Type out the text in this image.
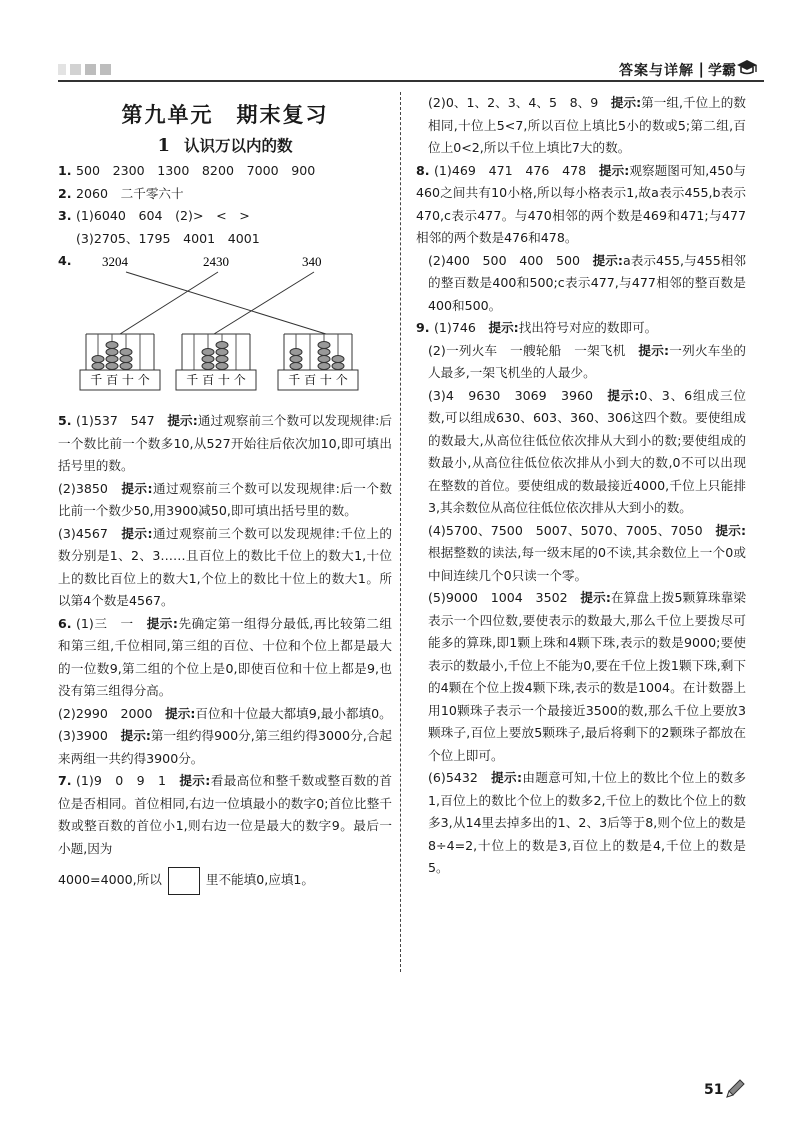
答案与详解 | 学霸
第九单元　期末复习
1 认识万以内的数
1. 500　2300　1300　8200　7000　900
2. 2060　二千零六十
3. (1)6040　604　(2)>　<　>
(3)2705、1795　4001　4001
4.	3204	2430	340
千 百 十 个	千 百 十 个	千 百 十 个
5. (1)537　547　提示:通过观察前三个数可以发现规律:后一个数比前一个数多10,从527开始往后依次加10,即可填出括号里的数。
(2)3850　提示:通过观察前三个数可以发现规律:后一个数比前一个数少50,用3900减50,即可填出括号里的数。
(3)4567　提示:通过观察前三个数可以发现规律:千位上的数分别是1、2、3……且百位上的数比千位上的数大1,十位上的数比百位上的数大1,个位上的数比十位上的数大1。所以第4个数是4567。
6. (1)三　一　提示:先确定第一组得分最低,再比较第二组和第三组,千位相同,第三组的百位、十位和个位上都是最大的一位数9,第二组的个位上是0,即使百位和十位上都是9,也没有第三组得分高。
(2)2990　2000　提示:百位和十位最大都填9,最小都填0。
(3)3900　提示:第一组约得900分,第三组约得3000分,合起来两组一共约得3900分。
7. (1)9　0　9　1　提示:看最高位和整千数或整百数的首位是否相同。首位相同,右边一位填最小的数字0;首位比整千数或整百数的首位小1,则右边一位是最大的数字9。最后一小题,因为
4000=4000,所以	里不能填0,应填1。
(2)0、1、2、3、4、5　8、9　提示:第一组,千位上的数相同,十位上5<7,所以百位上填比5小的数或5;第二组,百位上0<2,所以千位上填比7大的数。
8. (1)469　471　476　478　提示:观察题图可知,450与460之间共有10小格,所以每小格表示1,故a表示455,b表示470,c表示477。与470相邻的两个数是469和471;与477相邻的两个数是476和478。
(2)400　500　400　500　提示:a表示455,与455相邻的整百数是400和500;c表示477,与477相邻的整百数是400和500。
9. (1)746　提示:找出符号对应的数即可。
(2)一列火车　一艘轮船　一架飞机　提示:一列火车坐的人最多,一架飞机坐的人最少。
(3)4　9630　3069　3960　提示:0、3、6组成三位数,可以组成630、603、360、306这四个数。要使组成的数最大,从高位往低位依次排从大到小的数;要使组成的数最小,从高位往低位依次排从小到大的数,0不可以出现在整数的首位。要使组成的数最接近4000,千位上只能排3,其余数位从高位往低位依次排从大到小的数。
(4)5700、7500　5007、5070、7005、7050　提示:根据整数的读法,每一级末尾的0不读,其余数位上一个0或中间连续几个0只读一个零。
(5)9000　1004　3502　提示:在算盘上拨5颗算珠靠梁表示一个四位数,要使表示的数最大,那么千位上要拨尽可能多的算珠,即1颗上珠和4颗下珠,表示的数是9000;要使表示的数最小,千位上不能为0,要在千位上拨1颗下珠,剩下的4颗在个位上拨4颗下珠,表示的数是1004。在计数器上用10颗珠子表示一个最接近3500的数,那么千位上要放3颗珠子,百位上要放5颗珠子,最后将剩下的2颗珠子都放在个位上即可。
(6)5432　提示:由题意可知,十位上的数比个位上的数多1,百位上的数比个位上的数多2,千位上的数比个位上的数多3,从14里去掉多出的1、2、3后等于8,则个位上的数是8÷4=2,十位上的数是3,百位上的数是4,千位上的数是5。
51
